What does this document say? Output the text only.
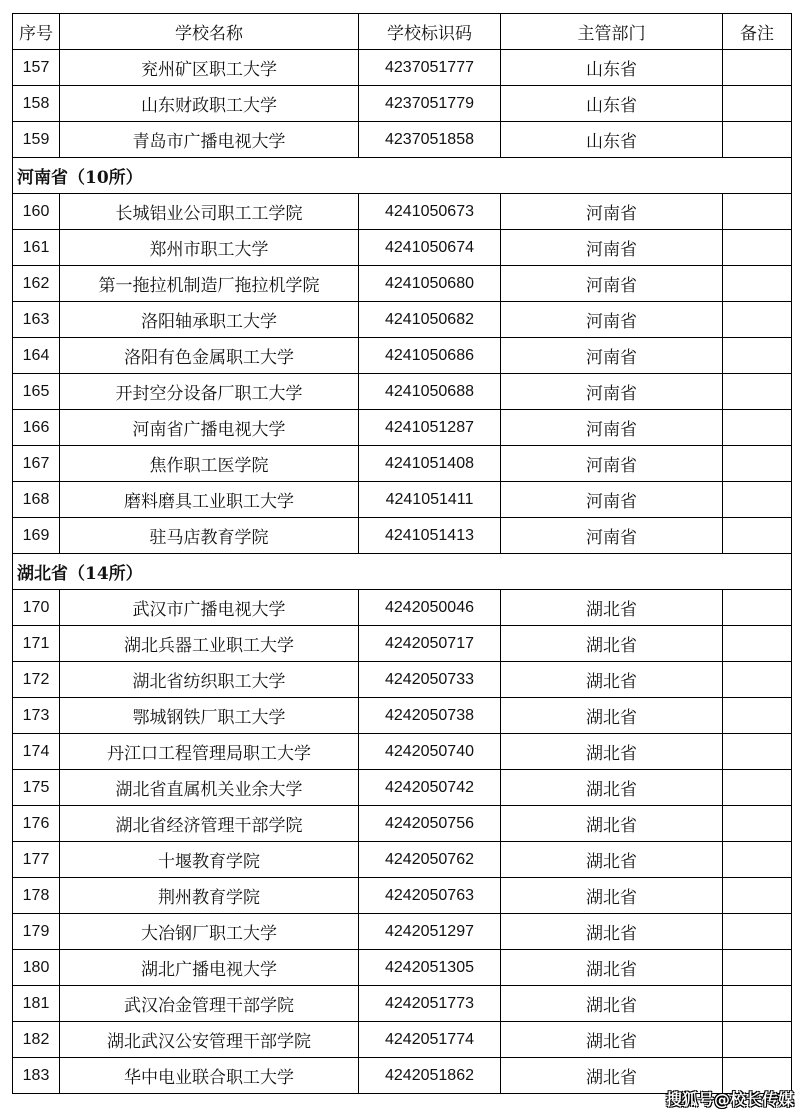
序号	学校名称	学校标识码	主管部门	备注
157	兖州矿区职工大学	4237051777	山东省	
158	山东财政职工大学	4237051779	山东省	
159	青岛市广播电视大学	4237051858	山东省	
河南省（10所）				
160	长城铝业公司职工工学院	4241050673	河南省	
161	郑州市职工大学	4241050674	河南省	
162	第一拖拉机制造厂拖拉机学院	4241050680	河南省	
163	洛阳轴承职工大学	4241050682	河南省	
164	洛阳有色金属职工大学	4241050686	河南省	
165	开封空分设备厂职工大学	4241050688	河南省	
166	河南省广播电视大学	4241051287	河南省	
167	焦作职工医学院	4241051408	河南省	
168	磨料磨具工业职工大学	4241051411	河南省	
169	驻马店教育学院	4241051413	河南省	
湖北省（14所）				
170	武汉市广播电视大学	4242050046	湖北省	
171	湖北兵器工业职工大学	4242050717	湖北省	
172	湖北省纺织职工大学	4242050733	湖北省	
173	鄂城钢铁厂职工大学	4242050738	湖北省	
174	丹江口工程管理局职工大学	4242050740	湖北省	
175	湖北省直属机关业余大学	4242050742	湖北省	
176	湖北省经济管理干部学院	4242050756	湖北省	
177	十堰教育学院	4242050762	湖北省	
178	荆州教育学院	4242050763	湖北省	
179	大冶钢厂职工大学	4242051297	湖北省	
180	湖北广播电视大学	4242051305	湖北省	
181	武汉冶金管理干部学院	4242051773	湖北省	
182	湖北武汉公安管理干部学院	4242051774	湖北省	
183	华中电业联合职工大学	4242051862	湖北省	
搜狐号@校长传媒
